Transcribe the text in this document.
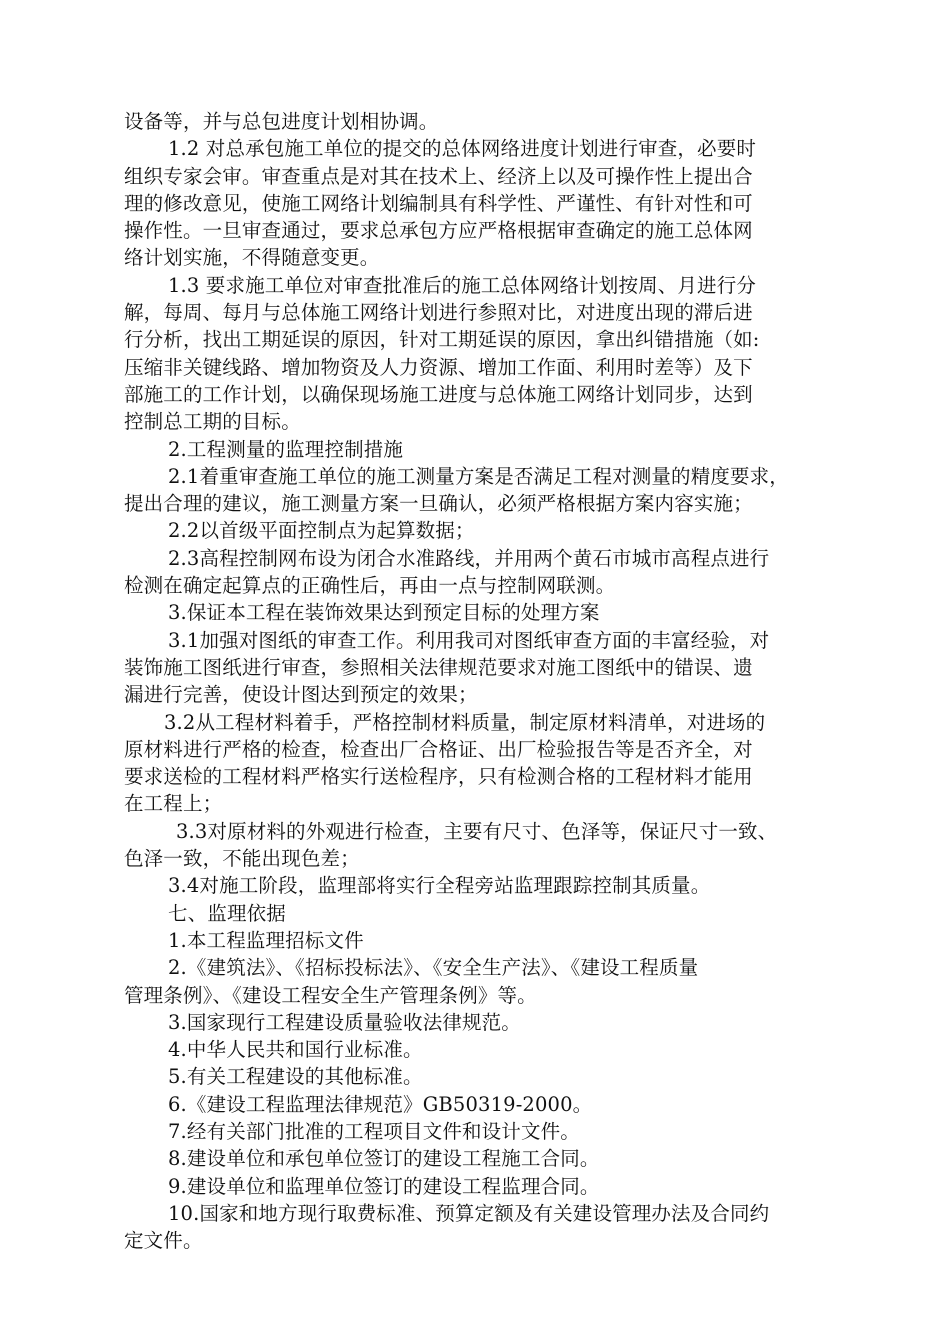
设备等，并与总包进度计划相协调。
1.2 对总承包施工单位的提交的总体网络进度计划进行审查，必要时
组织专家会审。审查重点是对其在技术上、经济上以及可操作性上提出合
理的修改意见，使施工网络计划编制具有科学性、严谨性、有针对性和可
操作性。一旦审查通过，要求总承包方应严格根据审查确定的施工总体网
络计划实施，不得随意变更。
1.3 要求施工单位对审查批准后的施工总体网络计划按周、月进行分
解，每周、每月与总体施工网络计划进行参照对比，对进度出现的滞后进
行分析，找出工期延误的原因，针对工期延误的原因，拿出纠错措施（如:
压缩非关键线路、增加物资及人力资源、增加工作面、利用时差等）及下
部施工的工作计划，以确保现场施工进度与总体施工网络计划同步，达到
控制总工期的目标。
2.工程测量的监理控制措施
2.1着重审查施工单位的施工测量方案是否满足工程对测量的精度要求，
提出合理的建议，施工测量方案一旦确认，必须严格根据方案内容实施；
2.2以首级平面控制点为起算数据；
2.3高程控制网布设为闭合水准路线，并用两个黄石市城市高程点进行
检测在确定起算点的正确性后，再由一点与控制网联测。
3.保证本工程在装饰效果达到预定目标的处理方案
3.1加强对图纸的审查工作。利用我司对图纸审查方面的丰富经验，对
装饰施工图纸进行审查，参照相关法律规范要求对施工图纸中的错误、遗
漏进行完善，使设计图达到预定的效果；
3.2从工程材料着手，严格控制材料质量，制定原材料清单，对进场的
原材料进行严格的检查，检查出厂合格证、出厂检验报告等是否齐全，对
要求送检的工程材料严格实行送检程序，只有检测合格的工程材料才能用
在工程上；
3.3对原材料的外观进行检查，主要有尺寸、色泽等，保证尺寸一致、
色泽一致，不能出现色差；
3.4对施工阶段，监理部将实行全程旁站监理跟踪控制其质量。
七、监理依据
1.本工程监理招标文件
2.《建筑法》、《招标投标法》、《安全生产法》、《建设工程质量
管理条例》、《建设工程安全生产管理条例》等。
3.国家现行工程建设质量验收法律规范。
4.中华人民共和国行业标准。
5.有关工程建设的其他标准。
6.《建设工程监理法律规范》GB50319-2000。
7.经有关部门批准的工程项目文件和设计文件。
8.建设单位和承包单位签订的建设工程施工合同。
9.建设单位和监理单位签订的建设工程监理合同。
10.国家和地方现行取费标准、预算定额及有关建设管理办法及合同约
定文件。
